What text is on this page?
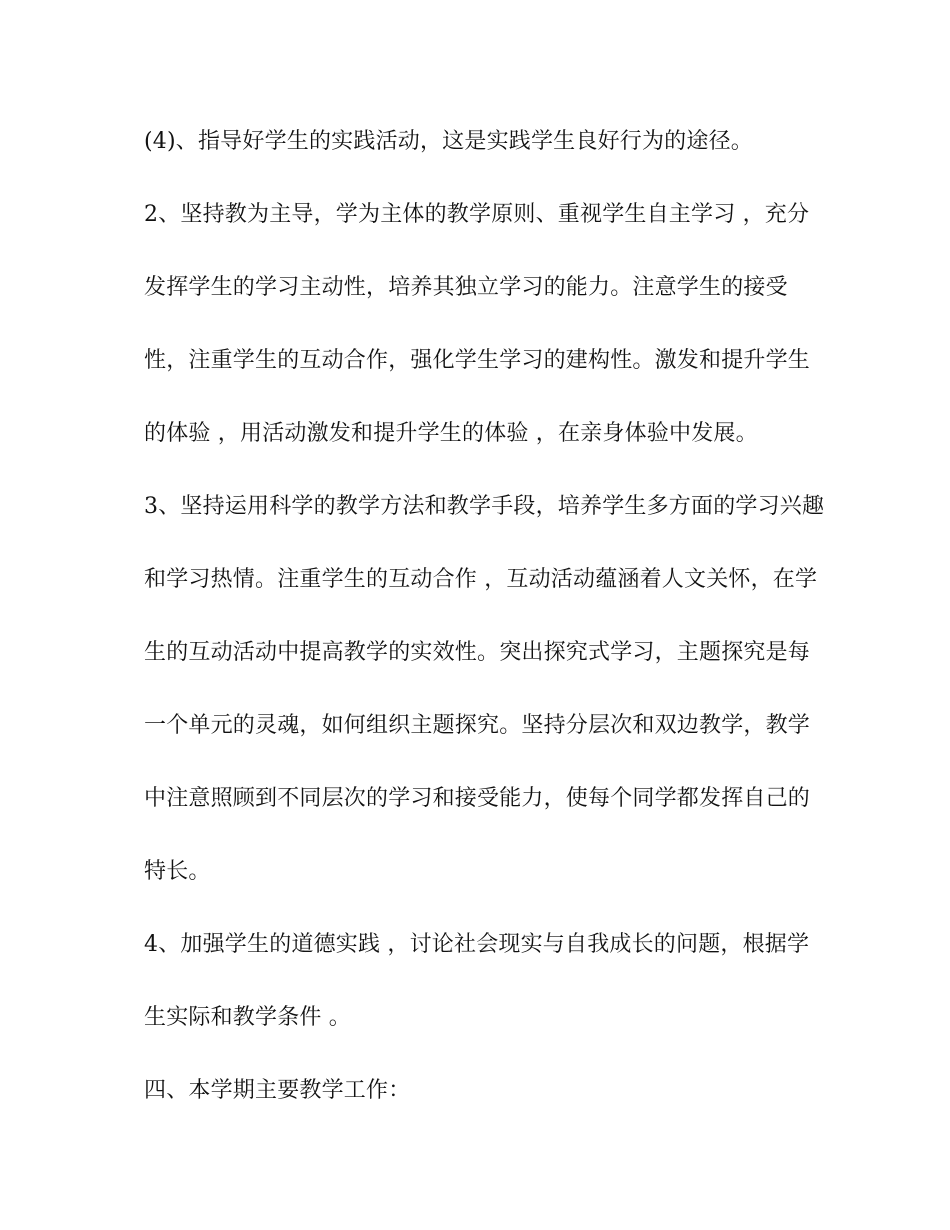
(4)、指导好学生的实践活动，这是实践学生良好行为的途径。
2、坚持教为主导，学为主体的教学原则、重视学生自主学习 ，充分
发挥学生的学习主动性，培养其独立学习的能力。注意学生的接受
性，注重学生的互动合作，强化学生学习的建构性。激发和提升学生
的体验 ，用活动激发和提升学生的体验 ，在亲身体验中发展。
3、坚持运用科学的教学方法和教学手段，培养学生多方面的学习兴趣
和学习热情。注重学生的互动合作 ，互动活动蕴涵着人文关怀，在学
生的互动活动中提高教学的实效性。突出探究式学习，主题探究是每
一个单元的灵魂，如何组织主题探究。坚持分层次和双边教学，教学
中注意照顾到不同层次的学习和接受能力，使每个同学都发挥自己的
特长。
4、加强学生的道德实践 ，讨论社会现实与自我成长的问题，根据学
生实际和教学条件 。
四、本学期主要教学工作：
